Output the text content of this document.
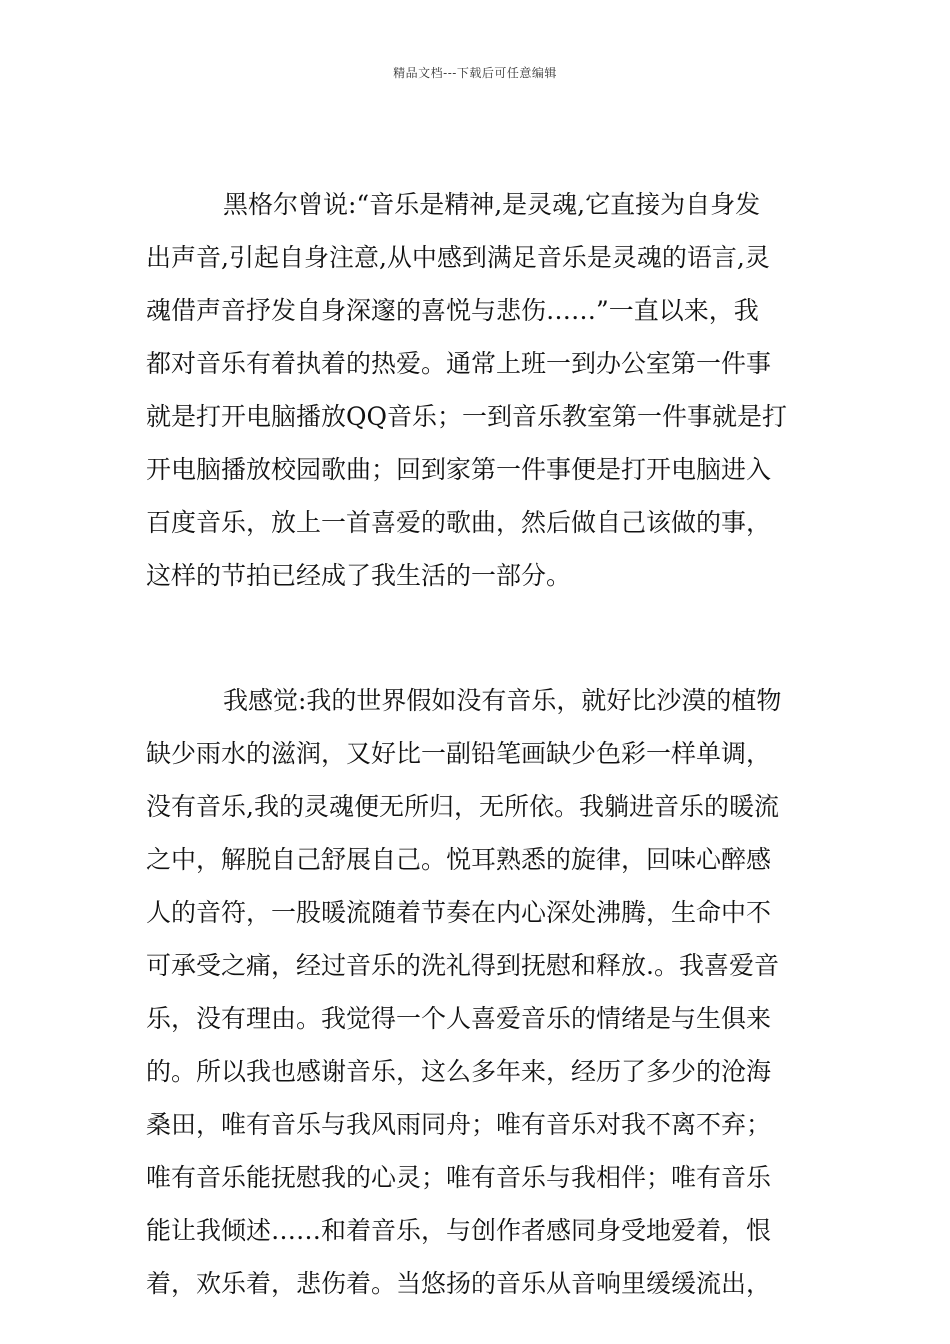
精品文档---下载后可任意编辑
黑格尔曾说:“音乐是精神,是灵魂,它直接为自身发
出声音,引起自身注意,从中感到满足音乐是灵魂的语言,灵
魂借声音抒发自身深邃的喜悦与悲伤……”一直以来，我
都对音乐有着执着的热爱。通常上班一到办公室第一件事
就是打开电脑播放QQ音乐；一到音乐教室第一件事就是打
开电脑播放校园歌曲；回到家第一件事便是打开电脑进入
百度音乐，放上一首喜爱的歌曲，然后做自己该做的事，
这样的节拍已经成了我生活的一部分。
我感觉:我的世界假如没有音乐，就好比沙漠的植物
缺少雨水的滋润，又好比一副铅笔画缺少色彩一样单调，
没有音乐,我的灵魂便无所归，无所依。我躺进音乐的暖流
之中，解脱自己舒展自己。悦耳熟悉的旋律，回味心醉感
人的音符，一股暖流随着节奏在内心深处沸腾，生命中不
可承受之痛，经过音乐的洗礼得到抚慰和释放.。我喜爱音
乐，没有理由。我觉得一个人喜爱音乐的情绪是与生俱来
的。所以我也感谢音乐，这么多年来，经历了多少的沧海
桑田，唯有音乐与我风雨同舟；唯有音乐对我不离不弃；
唯有音乐能抚慰我的心灵；唯有音乐与我相伴；唯有音乐
能让我倾述……和着音乐，与创作者感同身受地爱着，恨
着，欢乐着，悲伤着。当悠扬的音乐从音响里缓缓流出，
